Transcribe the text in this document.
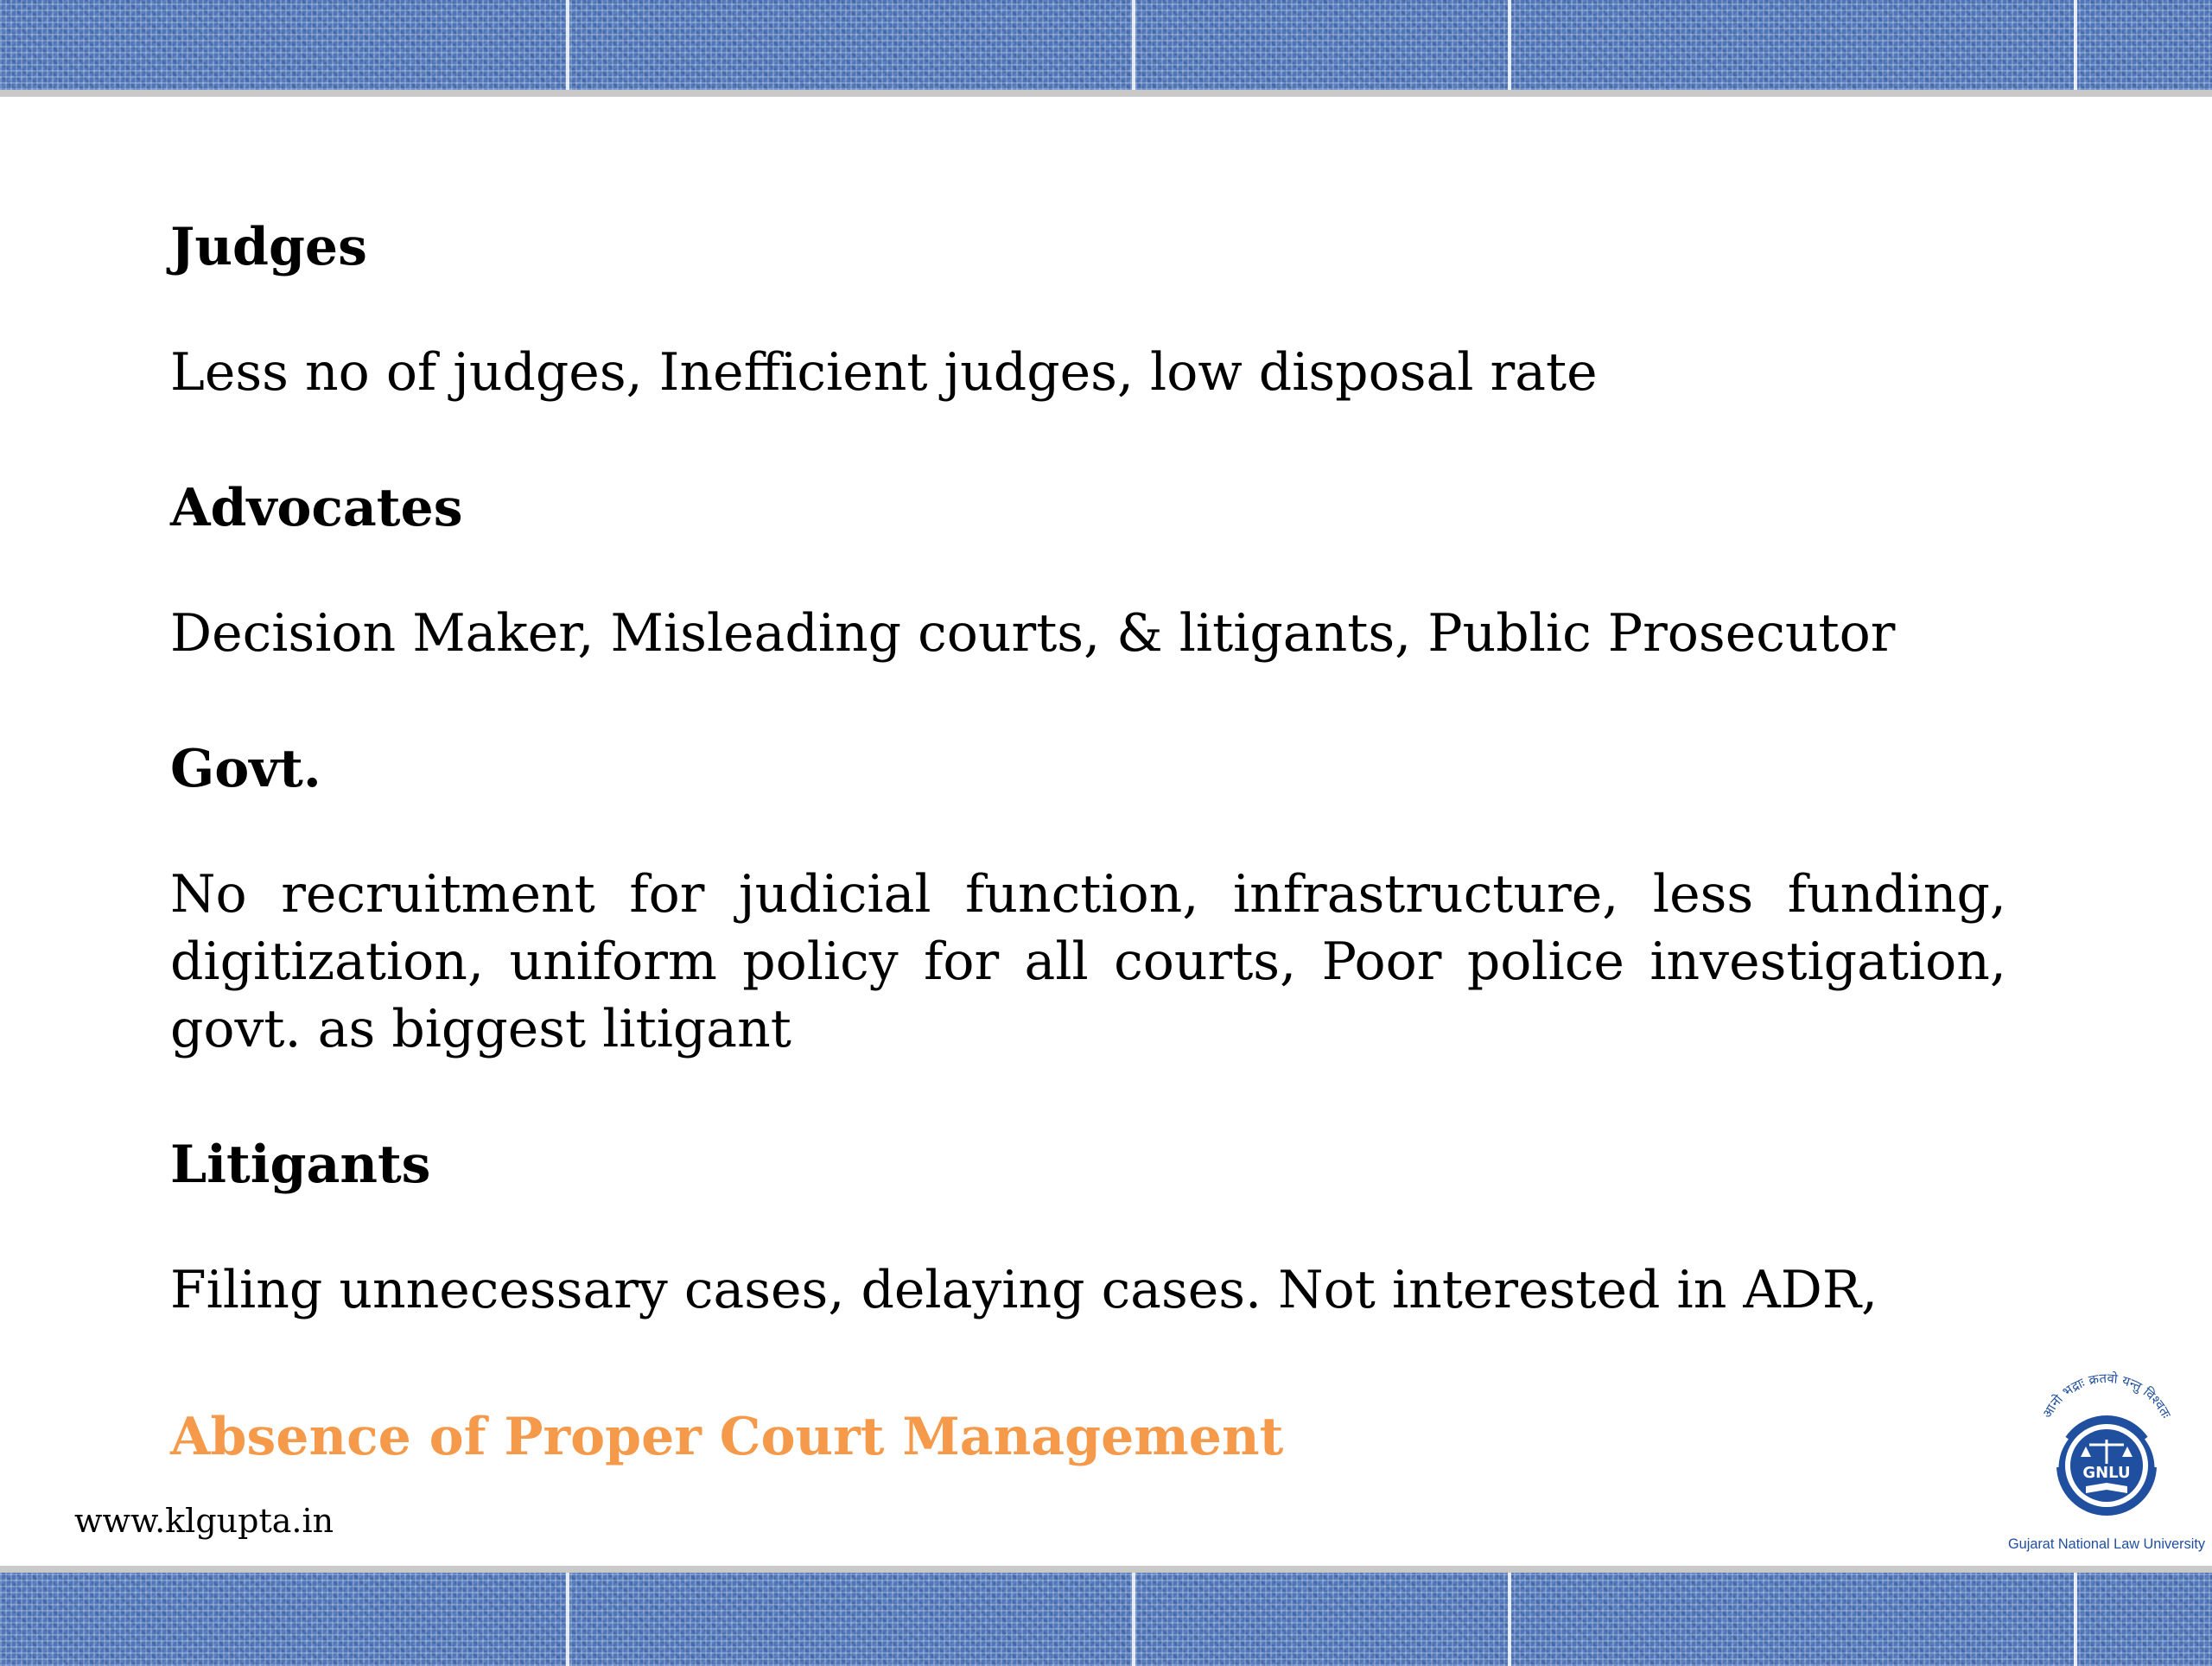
Judges

Less no of judges, Inefficient judges, low disposal rate

Advocates

Decision Maker, Misleading courts, & litigants, Public Prosecutor

Govt.

No recruitment for judicial function, infrastructure, less funding, digitization, uniform policy for all courts, Poor police investigation, govt. as biggest litigant

Litigants

Filing unnecessary cases, delaying cases. Not interested in ADR,

Absence of Proper Court Management
www.klgupta.in
आनो भद्राः क्रतवो यन्तु विश्वतः
GNLU
Gujarat National Law University
